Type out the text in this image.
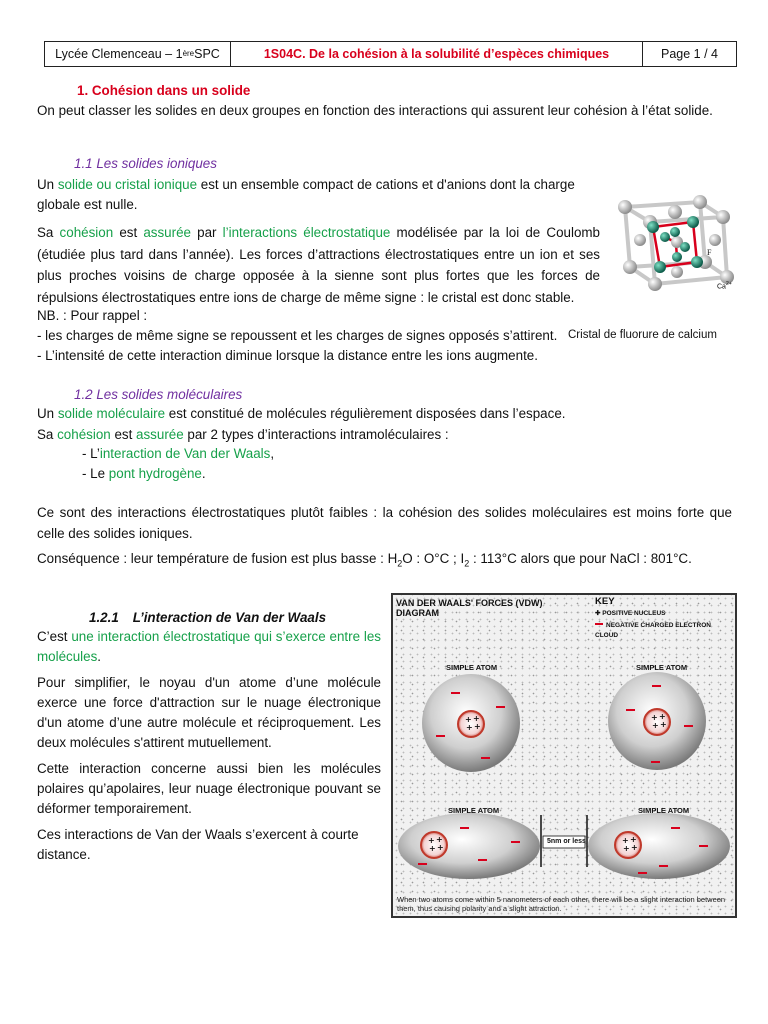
Lycée Clemenceau – 1 ère SPC	1S04C. De la cohésion à la solubilité d’espèces chimiques	Page 1 / 4
1. Cohésion dans un solide

On peut classer les solides en deux groupes en fonction des interactions qui assurent leur cohésion à l’état solide.

1.1 Les solides ioniques

Un solide ou cristal ionique est un ensemble compact de cations et d'anions dont la charge globale est nulle.

Sa cohésion est assurée par l’interactions électrostatique modélisée par la loi de Coulomb (étudiée plus tard dans l’année). Les forces d’attractions électrostatiques entre un ion et ses plus proches voisins de charge opposée à la sienne sont plus fortes que les forces de répulsions électrostatiques entre ions de charge de même signe : le cristal est donc stable.

NB. : Pour rappel :
- les charges de même signe se repoussent et les charges de signes opposés s’attirent.
- L’intensité de cette interaction diminue lorsque la distance entre les ions augmente.
F
$Ca^{2+}$
Cristal de fluorure de calcium
1.2 Les solides moléculaires

Un solide moléculaire est constitué de molécules régulièrement disposées dans l’espace.

Sa cohésion est assurée par 2 types d’interactions intramoléculaires :

- L’interaction de Van der Waals,
- Le pont hydrogène.

Ce sont des interactions électrostatiques plutôt faibles : la cohésion des solides moléculaires est moins forte que celle des solides ioniques.

Conséquence : leur température de fusion est plus basse : $H_2O$ : O°C ; $I_2$ : 113°C alors que pour NaCl : 801°C.

1.2.1 L’interaction de Van der Waals

C’est une interaction électrostatique qui s’exerce entre les molécules.

Pour simplifier, le noyau d'un atome d’une molécule exerce une force d'attraction sur le nuage électronique d'un atome d’une autre molécule et réciproquement. Les deux molécules s'attirent mutuellement.

Cette interaction concerne aussi bien les molécules polaires qu’apolaires, leur nuage électronique pouvant se déformer temporairement.

Ces interactions de Van der Waals s’exercent à courte distance.

VAN DER WAALS' FORCES (VDW)
DIAGRAM
KEY
✚ POSITIVE NUCLEUS
NEGATIVE CHARGED ELECTRON CLOUD
+ +
+ +
+ +
+ +
+ +
+ +
+ +
+ +
SIMPLE ATOM	SIMPLE ATOM
SIMPLE ATOM	SIMPLE ATOM
5nm or less
When two atoms come within 5 nanometers of each other, there will be a slight interaction between them, thus causing polarity and a slight attraction.
